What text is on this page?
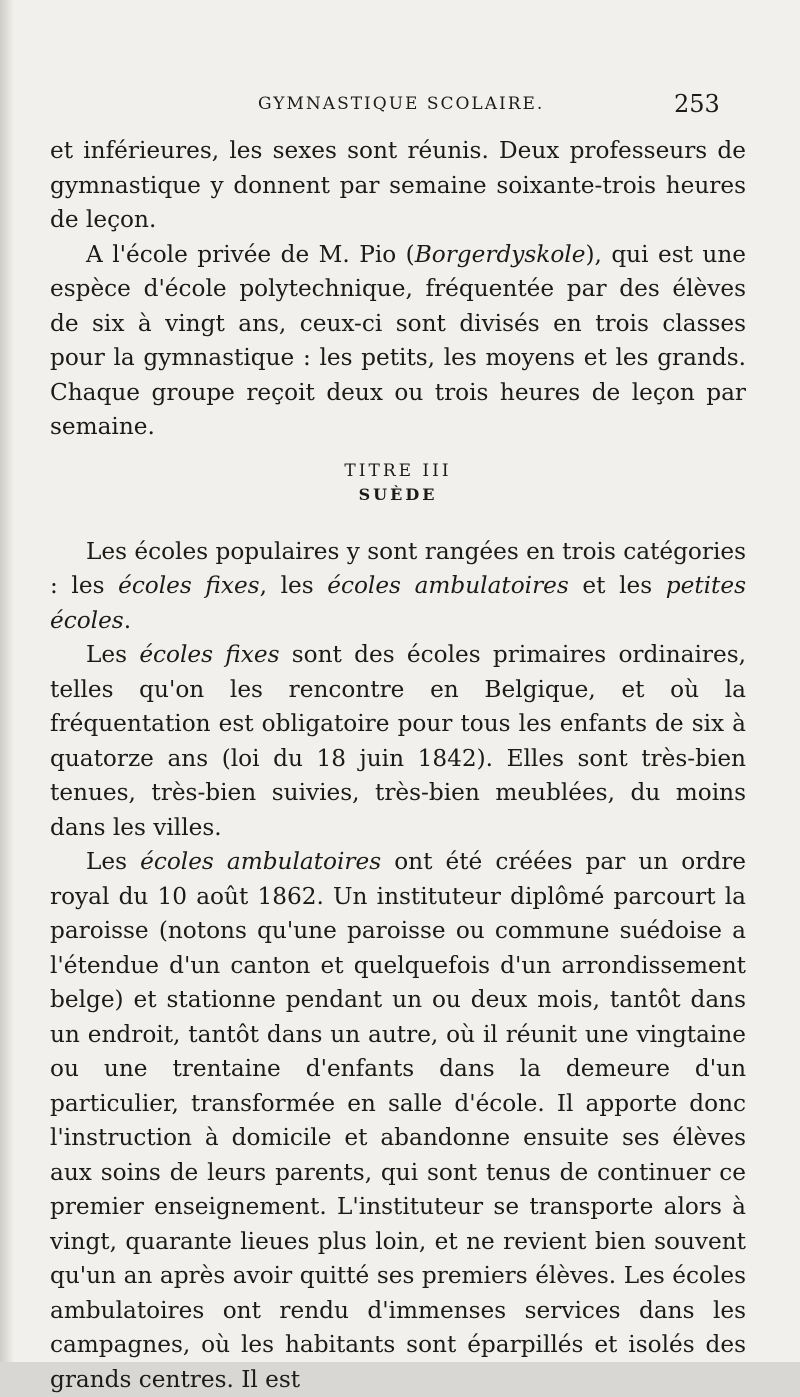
GYMNASTIQUE SCOLAIRE.	253

et inférieures, les sexes sont réunis. Deux professeurs de gymnastique y donnent par semaine soixante-trois heures de leçon.

A l'école privée de M. Pio (Borgerdyskole), qui est une espèce d'école polytechnique, fréquentée par des élèves de six à vingt ans, ceux-ci sont divisés en trois classes pour la gymnastique : les petits, les moyens et les grands. Chaque groupe reçoit deux ou trois heures de leçon par semaine.

TITRE III

SUÈDE

Les écoles populaires y sont rangées en trois catégories : les écoles fixes, les écoles ambulatoires et les petites écoles.

Les écoles fixes sont des écoles primaires ordinaires, telles qu'on les rencontre en Belgique, et où la fréquentation est obligatoire pour tous les enfants de six à quatorze ans (loi du 18 juin 1842). Elles sont très-bien tenues, très-bien suivies, très-bien meublées, du moins dans les villes.

Les écoles ambulatoires ont été créées par un ordre royal du 10 août 1862. Un instituteur diplômé parcourt la paroisse (notons qu'une paroisse ou commune suédoise a l'étendue d'un canton et quelquefois d'un arrondissement belge) et stationne pendant un ou deux mois, tantôt dans un endroit, tantôt dans un autre, où il réunit une vingtaine ou une trentaine d'enfants dans la demeure d'un particulier, transformée en salle d'école. Il apporte donc l'instruction à domicile et abandonne ensuite ses élèves aux soins de leurs parents, qui sont tenus de continuer ce premier enseignement. L'instituteur se transporte alors à vingt, quarante lieues plus loin, et ne revient bien souvent qu'un an après avoir quitté ses premiers élèves. Les écoles ambulatoires ont rendu d'immenses services dans les campagnes, où les habitants sont éparpillés et isolés des grands centres. Il est
